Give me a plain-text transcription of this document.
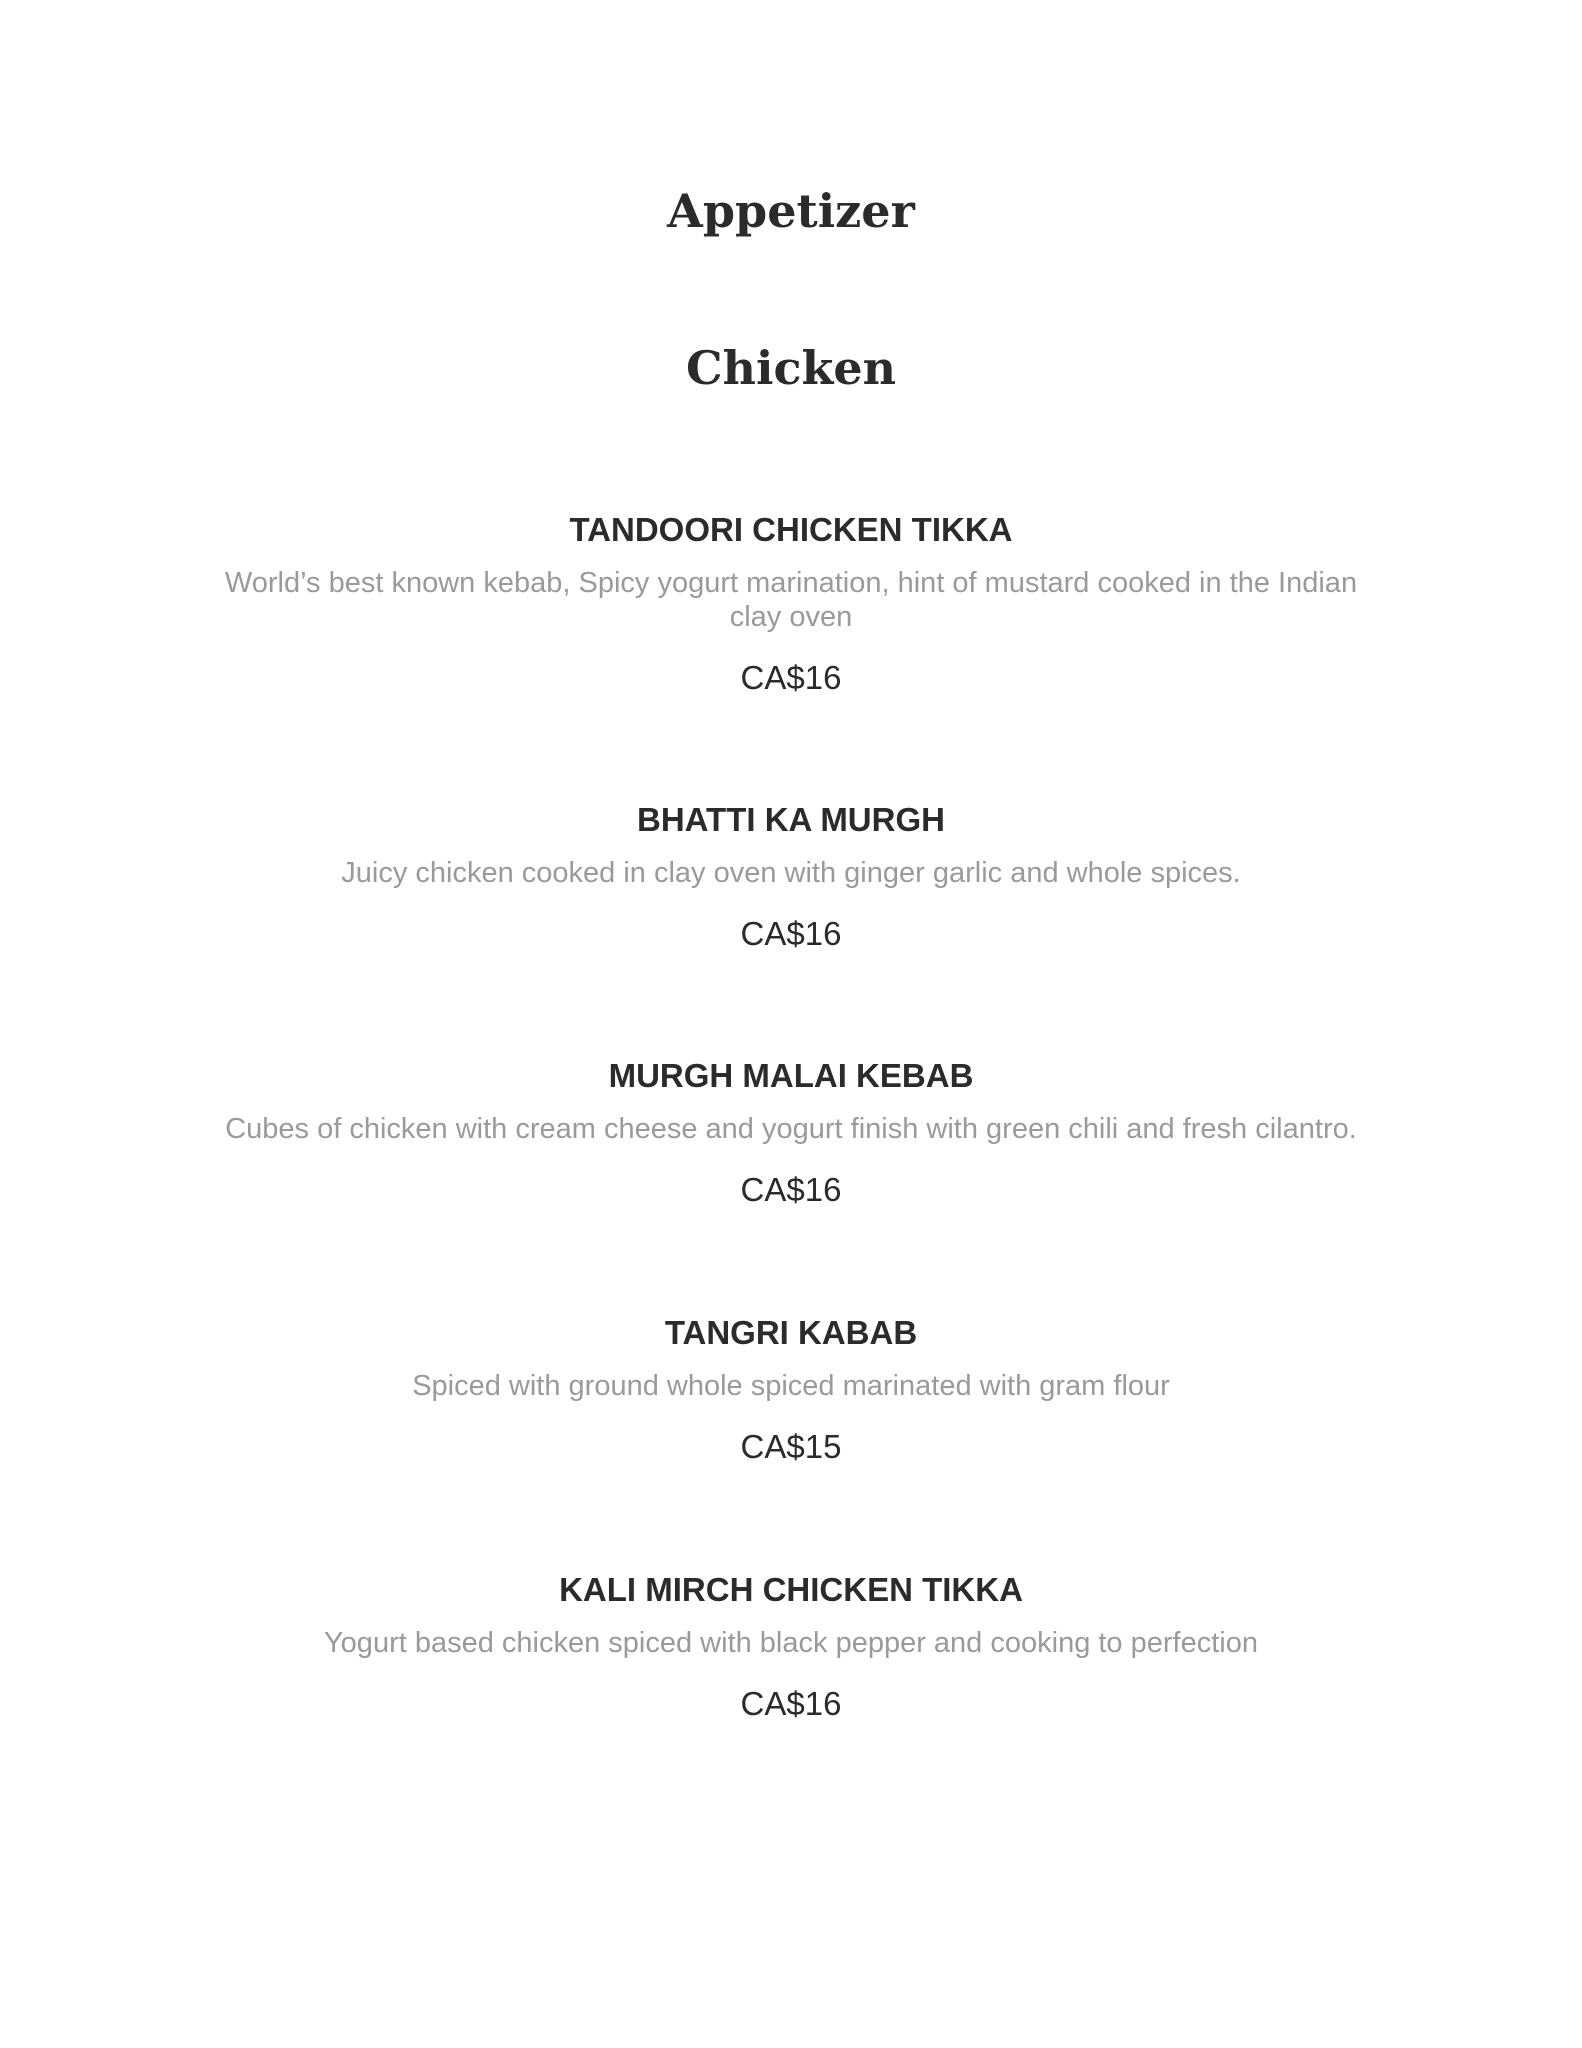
Appetizer
Chicken

TANDOORI CHICKEN TIKKA

World’s best known kebab, Spicy yogurt marination, hint of mustard cooked in the Indian clay oven

CA$16

BHATTI KA MURGH

Juicy chicken cooked in clay oven with ginger garlic and whole spices.

CA$16

MURGH MALAI KEBAB

Cubes of chicken with cream cheese and yogurt finish with green chili and fresh cilantro.

CA$16

TANGRI KABAB

Spiced with ground whole spiced marinated with gram flour

CA$15

KALI MIRCH CHICKEN TIKKA

Yogurt based chicken spiced with black pepper and cooking to perfection

CA$16
